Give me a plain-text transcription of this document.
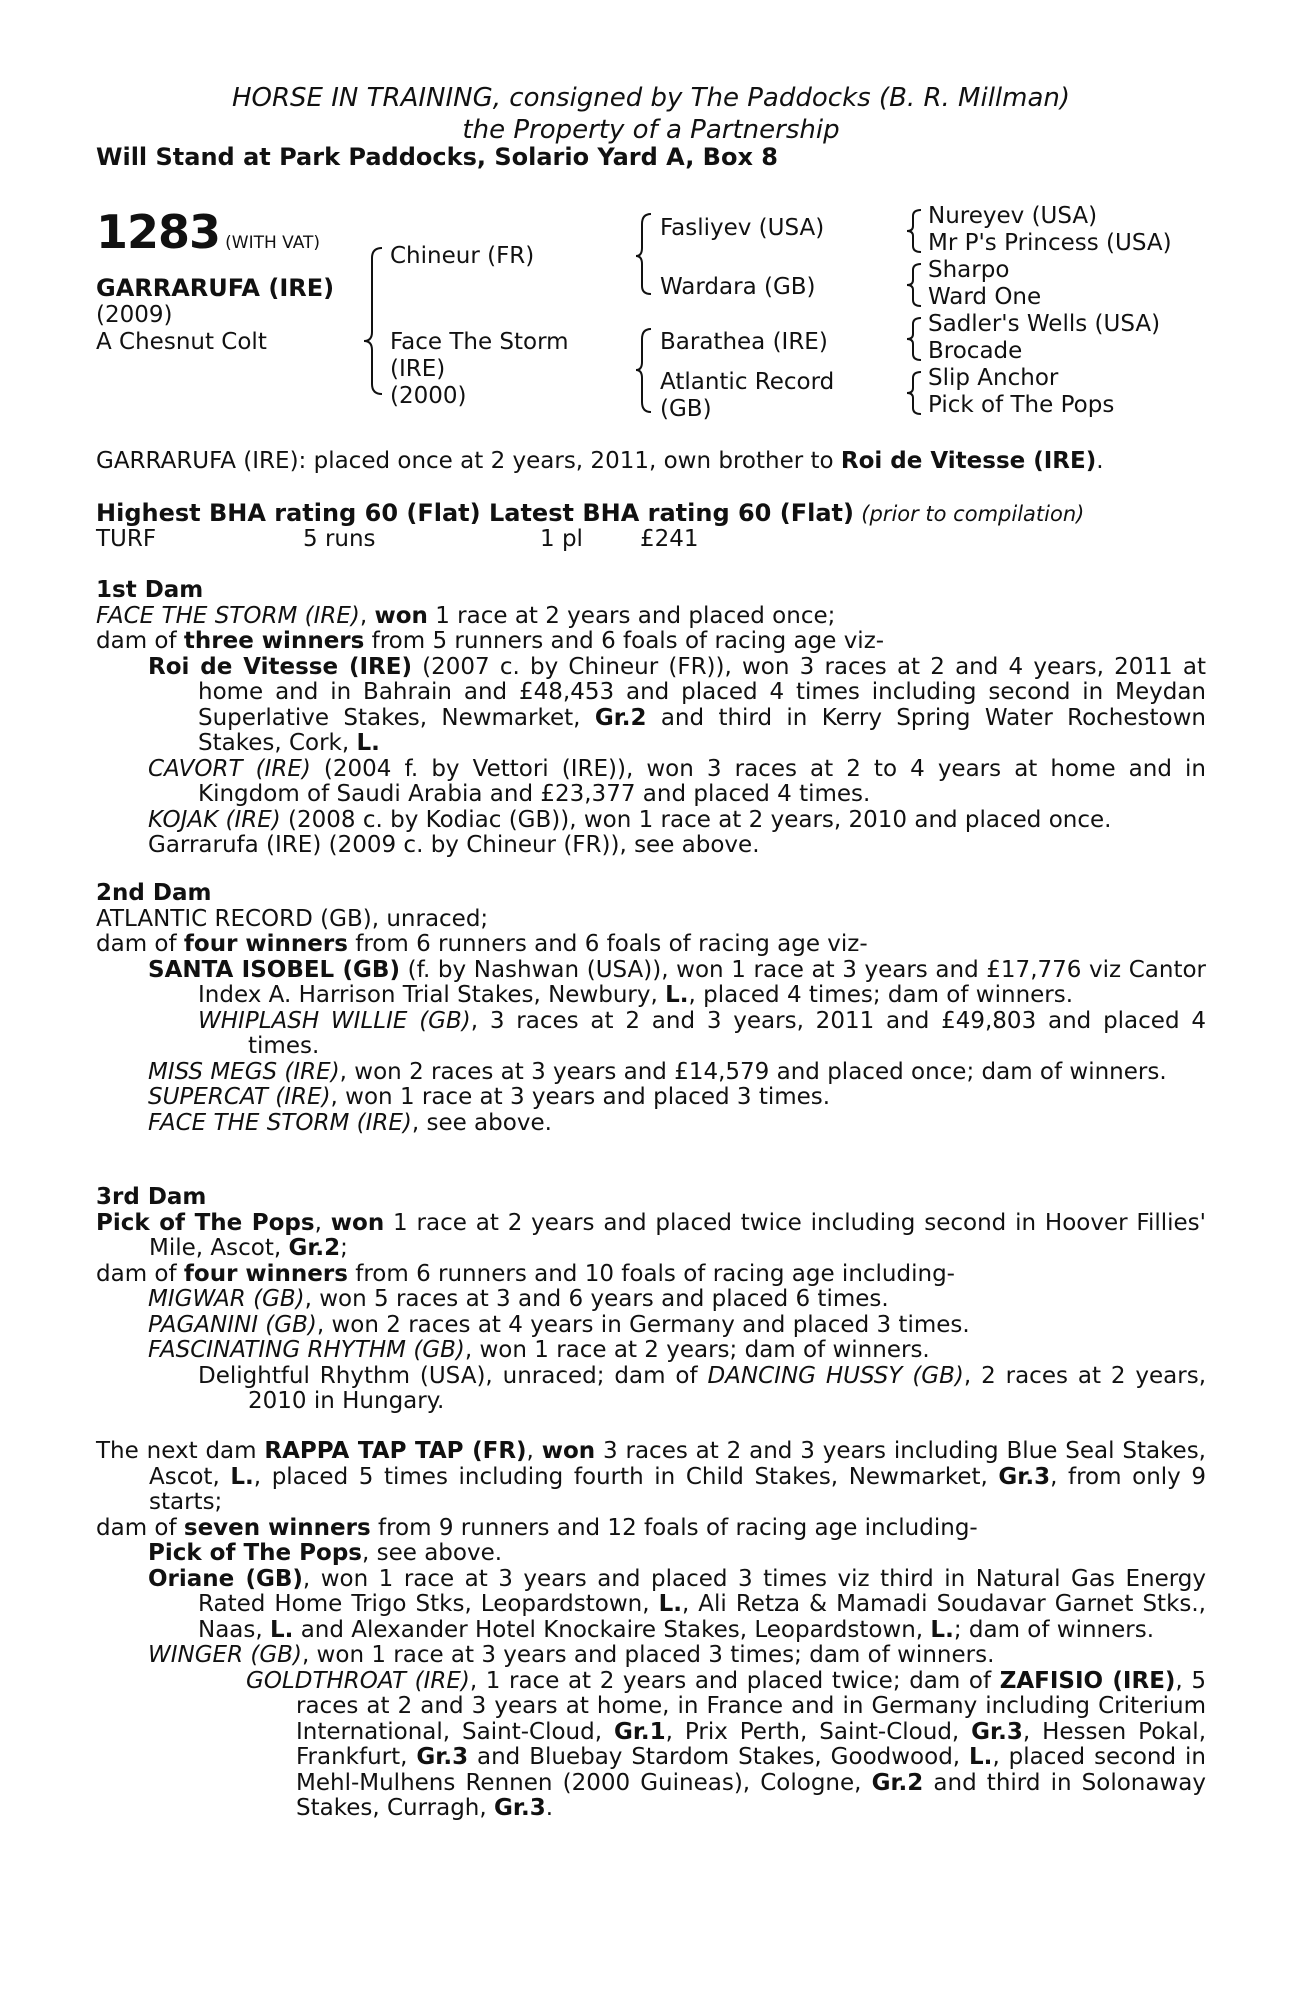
HORSE IN TRAINING, consigned by The Paddocks (B. R. Millman)
the Property of a Partnership
Will Stand at Park Paddocks, Solario Yard A, Box 8
1283 (WITH VAT)
GARRARUFA (IRE)
(2009)
A Chesnut Colt
Chineur (FR)
Face The Storm
(IRE)
(2000)
Fasliyev (USA)
Wardara (GB)
Barathea (IRE)
Atlantic Record
(GB)
Nureyev (USA)
Mr P's Princess (USA)
Sharpo
Ward One
Sadler's Wells (USA)
Brocade
Slip Anchor
Pick of The Pops
GARRARUFA (IRE): placed once at 2 years, 2011, own brother to Roi de Vitesse (IRE).
Highest BHA rating 60 (Flat) Latest BHA rating 60 (Flat) (prior to compilation)
TURF	5 runs	1 pl £241

1st Dam

FACE THE STORM (IRE), won 1 race at 2 years and placed once;

dam of three winners from 5 runners and 6 foals of racing age viz-

Roi de Vitesse (IRE) (2007 c. by Chineur (FR)), won 3 races at 2 and 4 years, 2011 at home and in Bahrain and £48,453 and placed 4 times including second in Meydan Superlative Stakes, Newmarket, Gr.2 and third in Kerry Spring Water Rochestown Stakes, Cork, L.

CAVORT (IRE) (2004 f. by Vettori (IRE)), won 3 races at 2 to 4 years at home and in Kingdom of Saudi Arabia and £23,377 and placed 4 times.

KOJAK (IRE) (2008 c. by Kodiac (GB)), won 1 race at 2 years, 2010 and placed once.

Garrarufa (IRE) (2009 c. by Chineur (FR)), see above.

2nd Dam

ATLANTIC RECORD (GB), unraced;

dam of four winners from 6 runners and 6 foals of racing age viz-

SANTA ISOBEL (GB) (f. by Nashwan (USA)), won 1 race at 3 years and £17,776 viz Cantor Index A. Harrison Trial Stakes, Newbury, L., placed 4 times; dam of winners.

WHIPLASH WILLIE (GB), 3 races at 2 and 3 years, 2011 and £49,803 and placed 4 times.

MISS MEGS (IRE), won 2 races at 3 years and £14,579 and placed once; dam of winners.

SUPERCAT (IRE), won 1 race at 3 years and placed 3 times.

FACE THE STORM (IRE), see above.

3rd Dam

Pick of The Pops, won 1 race at 2 years and placed twice including second in Hoover Fillies' Mile, Ascot, Gr.2;

dam of four winners from 6 runners and 10 foals of racing age including-

MIGWAR (GB), won 5 races at 3 and 6 years and placed 6 times.

PAGANINI (GB), won 2 races at 4 years in Germany and placed 3 times.

FASCINATING RHYTHM (GB), won 1 race at 2 years; dam of winners.

Delightful Rhythm (USA), unraced; dam of DANCING HUSSY (GB), 2 races at 2 years, 2010 in Hungary.

The next dam RAPPA TAP TAP (FR), won 3 races at 2 and 3 years including Blue Seal Stakes, Ascot, L., placed 5 times including fourth in Child Stakes, Newmarket, Gr.3, from only 9 starts;

dam of seven winners from 9 runners and 12 foals of racing age including-

Pick of The Pops, see above.

Oriane (GB), won 1 race at 3 years and placed 3 times viz third in Natural Gas Energy Rated Home Trigo Stks, Leopardstown, L., Ali Retza & Mamadi Soudavar Garnet Stks., Naas, L. and Alexander Hotel Knockaire Stakes, Leopardstown, L.; dam of winners.

WINGER (GB), won 1 race at 3 years and placed 3 times; dam of winners.

GOLDTHROAT (IRE), 1 race at 2 years and placed twice; dam of ZAFISIO (IRE), 5 races at 2 and 3 years at home, in France and in Germany including Criterium International, Saint-Cloud, Gr.1, Prix Perth, Saint-Cloud, Gr.3, Hessen Pokal, Frankfurt, Gr.3 and Bluebay Stardom Stakes, Goodwood, L., placed second in Mehl-Mulhens Rennen (2000 Guineas), Cologne, Gr.2 and third in Solonaway Stakes, Curragh, Gr.3.
